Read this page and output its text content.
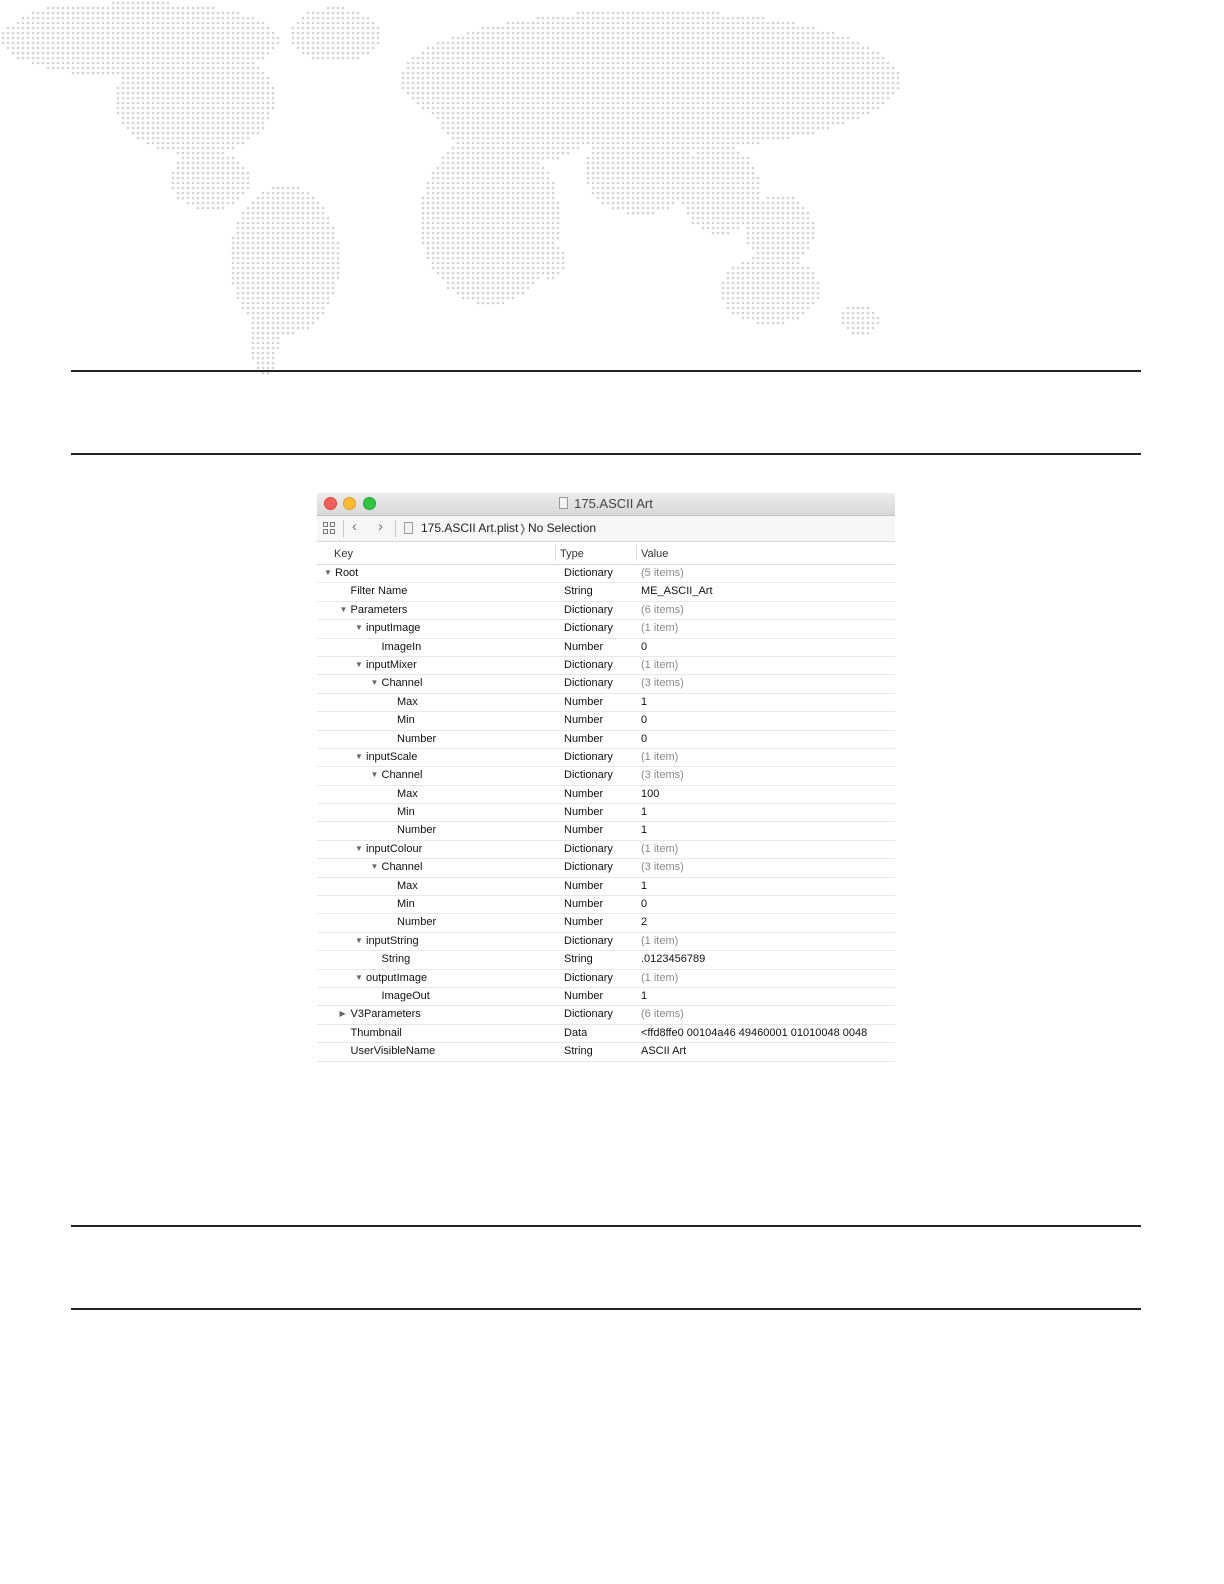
175.ASCII Art
‹ ›	175.ASCII Art.plist ❭ No Selection
Key	Type	Value
▼ Root	Dictionary	(5 items)
Filter Name	String	ME_ASCII_Art
▼ Parameters	Dictionary	(6 items)
▼ inputImage	Dictionary	(1 item)
ImageIn	Number	0
▼ inputMixer	Dictionary	(1 item)
▼ Channel	Dictionary	(3 items)
Max	Number	1
Min	Number	0
Number	Number	0
▼ inputScale	Dictionary	(1 item)
▼ Channel	Dictionary	(3 items)
Max	Number	100
Min	Number	1
Number	Number	1
▼ inputColour	Dictionary	(1 item)
▼ Channel	Dictionary	(3 items)
Max	Number	1
Min	Number	0
Number	Number	2
▼ inputString	Dictionary	(1 item)
String	String	.0123456789
▼ outputImage	Dictionary	(1 item)
ImageOut	Number	1
▶ V3Parameters	Dictionary	(6 items)
Thumbnail	Data	<ffd8ffe0 00104a46 49460001 01010048 0048
UserVisibleName	String	ASCII Art
